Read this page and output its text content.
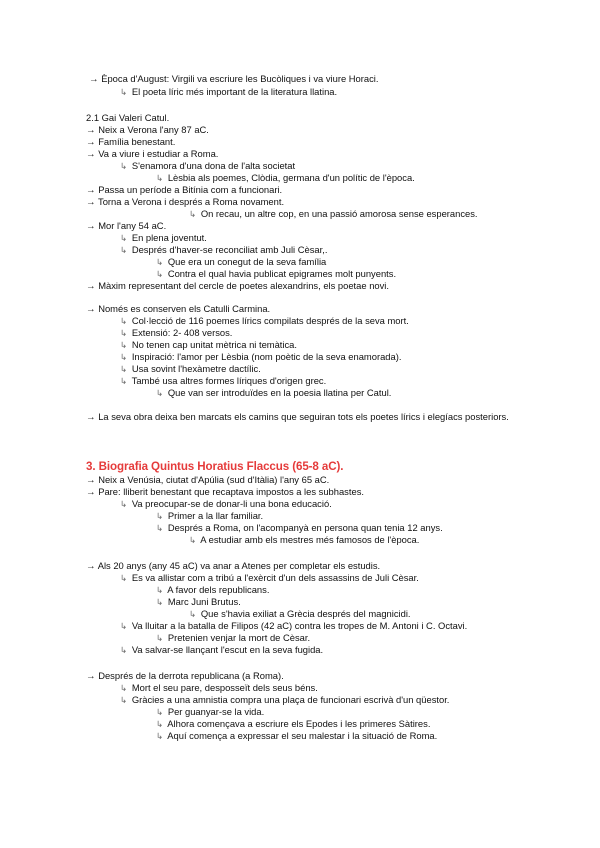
→ Època d'August: Virgili va escriure les Bucòliques i va viure Horaci.
↳ El poeta líric més important de la literatura llatina.
2.1 Gai Valeri Catul.
→ Neix a Verona l'any 87 aC.
→ Família benestant.
→ Va a viure i estudiar a Roma.
↳ S'enamora d'una dona de l'alta societat
↳ Lèsbia als poemes, Clòdia, germana d'un polític de l'època.
→ Passa un període a Bitínia com a funcionari.
→ Torna a Verona i després a Roma novament.
↳ On recau, un altre cop, en una passió amorosa sense esperances.
→ Mor l'any 54 aC.
↳ En plena joventut.
↳ Després d'haver-se reconciliat amb Juli Cèsar,.
↳ Que era un conegut de la seva família
↳ Contra el qual havia publicat epigrames molt punyents.
→ Màxim representant del cercle de poetes alexandrins, els poetae novi.
→ Només es conserven els Catulli Carmina.
↳ Col·lecció de 116 poemes lírics compilats després de la seva mort.
↳ Extensió: 2- 408 versos.
↳ No tenen cap unitat mètrica ni temàtica.
↳ Inspiració: l'amor per Lèsbia (nom poètic de la seva enamorada).
↳ Usa sovint l'hexàmetre dactílic.
↳ També usa altres formes líriques d'origen grec.
↳ Que van ser introduïdes en la poesia llatina per Catul.
→ La seva obra deixa ben marcats els camins que seguiran tots els poetes lírics i elegíacs posteriors.
3. Biografia Quintus Horatius Flaccus (65-8 aC).
→ Neix a Venúsia, ciutat d'Apúlia (sud d'Itàlia) l'any 65 aC.
→ Pare: lliberit benestant que recaptava impostos a les subhastes.
↳ Va preocupar-se de donar-li una bona educació.
↳ Primer a la llar familiar.
↳ Després a Roma, on l'acompanyà en persona quan tenia 12 anys.
↳ A estudiar amb els mestres més famosos de l'època.
→ Als 20 anys (any 45 aC) va anar a Atenes per completar els estudis.
↳ Es va allistar com a tribú a l'exèrcit d'un dels assassins de Juli Cèsar.
↳ A favor dels republicans.
↳ Marc Juni Brutus.
↳ Que s'havia exiliat a Grècia després del magnicidi.
↳ Va lluitar a la batalla de Filipos (42 aC) contra les tropes de M. Antoni i C. Octavi.
↳ Pretenien venjar la mort de Cèsar.
↳ Va salvar-se llançant l'escut en la seva fugida.
→ Després de la derrota republicana (a Roma).
↳ Mort el seu pare, desposseït dels seus béns.
↳ Gràcies a una amnistia compra una plaça de funcionari escrivà d'un qüestor.
↳ Per guanyar-se la vida.
↳ Alhora començava a escriure els Epodes i les primeres Sàtires.
↳ Aquí comença a expressar el seu malestar i la situació de Roma.
